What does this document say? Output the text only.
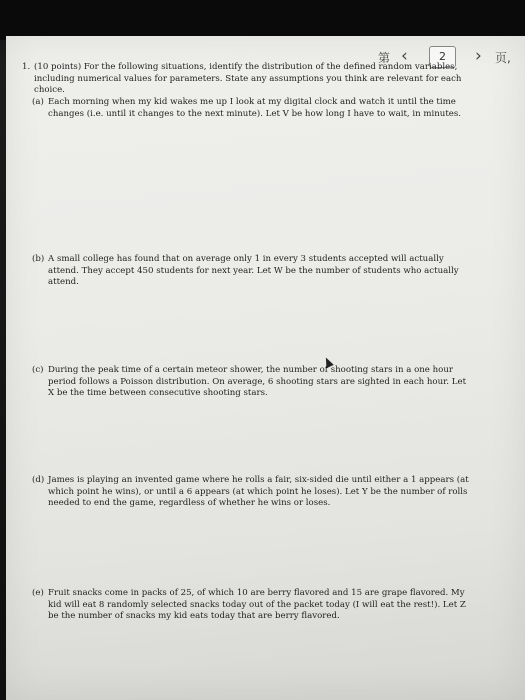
第 ‹	2	› 页,
1. (10 points) For the following situations, identify the distribution of the defined random variables, including numerical values for parameters. State any assumptions you think are relevant for each choice.
(a) Each morning when my kid wakes me up I look at my digital clock and watch it until the time changes (i.e. until it changes to the next minute). Let V be how long I have to wait, in minutes.
(b) A small college has found that on average only 1 in every 3 students accepted will actually attend. They accept 450 students for next year. Let W be the number of students who actually attend.
(c) During the peak time of a certain meteor shower, the number of shooting stars in a one hour period follows a Poisson distribution. On average, 6 shooting stars are sighted in each hour. Let X be the time between consecutive shooting stars.
(d) James is playing an invented game where he rolls a fair, six-sided die until either a 1 appears (at which point he wins), or until a 6 appears (at which point he loses). Let Y be the number of rolls needed to end the game, regardless of whether he wins or loses.
(e) Fruit snacks come in packs of 25, of which 10 are berry flavored and 15 are grape flavored. My kid will eat 8 randomly selected snacks today out of the packet today (I will eat the rest!). Let Z be the number of snacks my kid eats today that are berry flavored.
